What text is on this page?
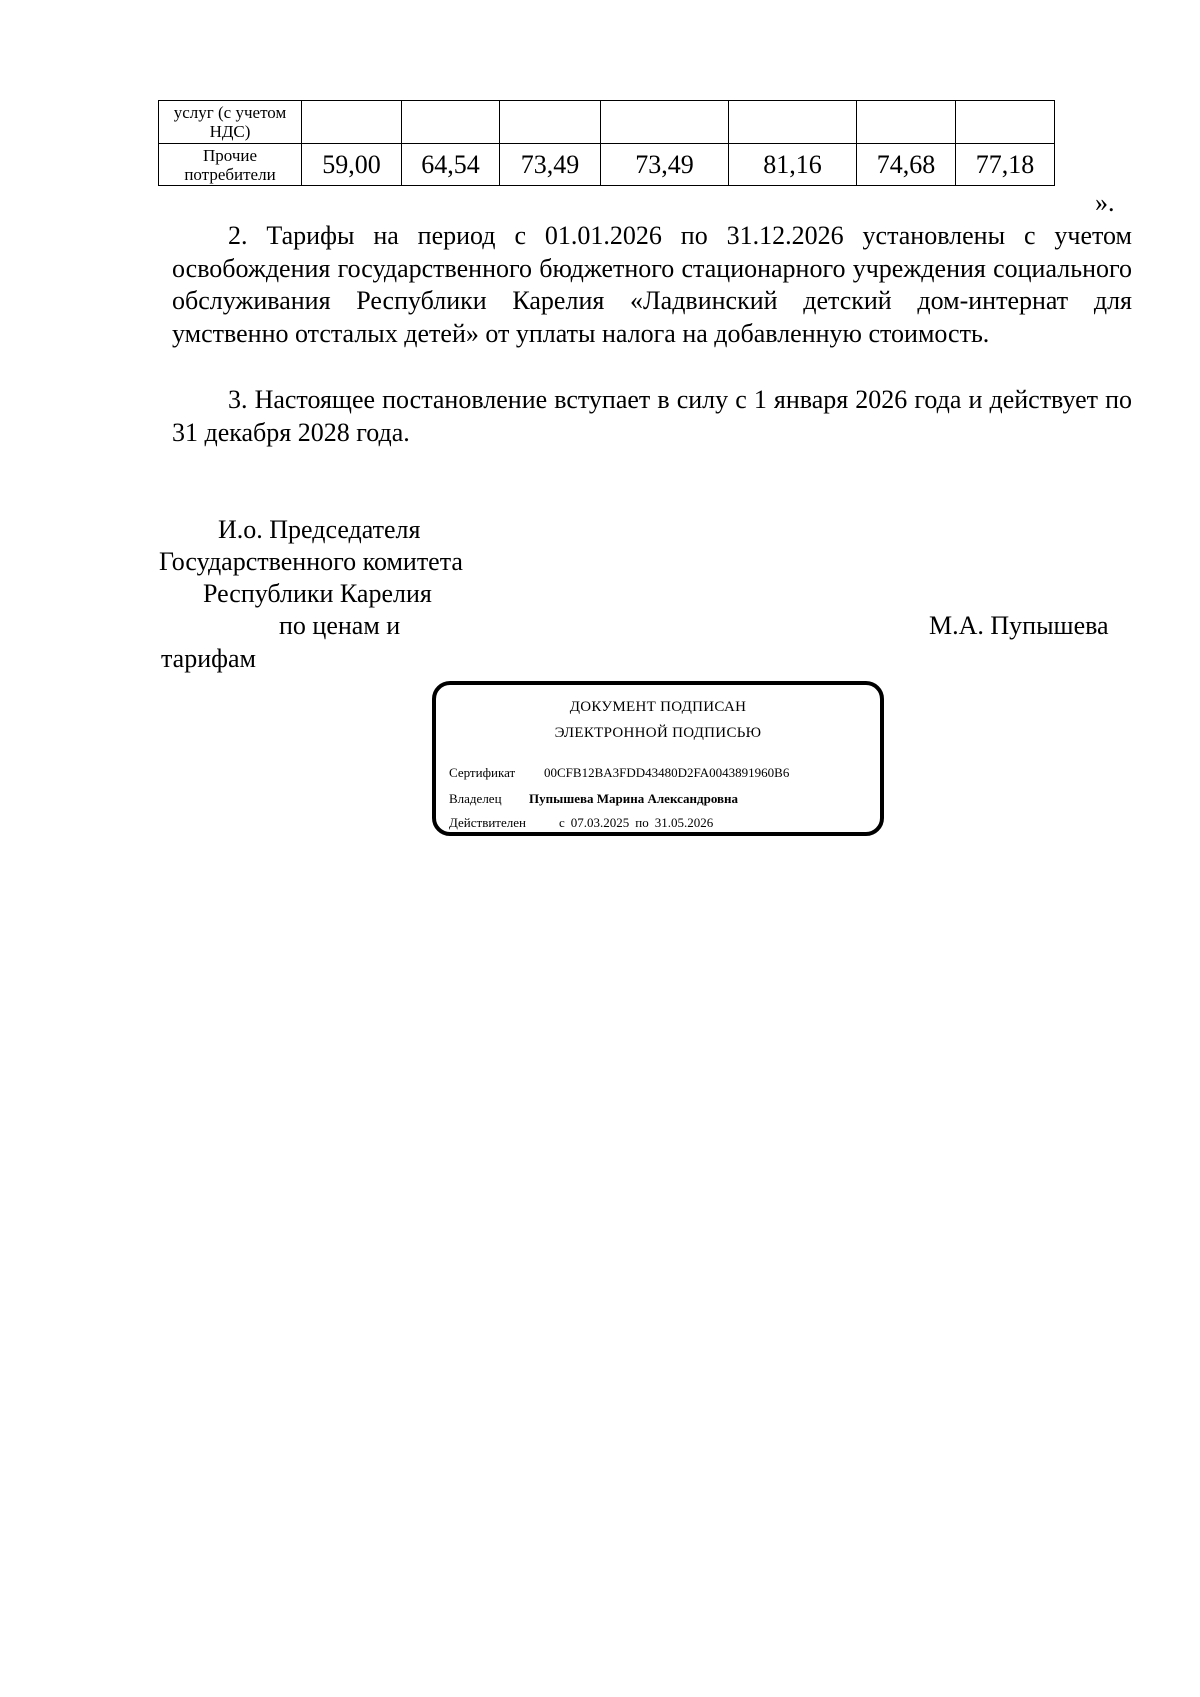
услуг (с учетом НДС)							
Прочие потребители	59,00	64,54	73,49	73,49	81,16	74,68	77,18
».

2. Тарифы на период с 01.01.2026 по 31.12.2026 установлены с учетом освобождения государственного бюджетного стационарного учреждения социального обслуживания Республики Карелия «Ладвинский детский дом-интернат для умственно отсталых детей» от уплаты налога на добавленную стоимость.

3. Настоящее постановление вступает в силу с 1 января 2026 года и действует по 31 декабря 2028 года.

И.о. Председателя
Государственного комитета
Республики Карелия
по ценам и
тарифам
М.А. Пупышева
ДОКУМЕНТ ПОДПИСАН
ЭЛЕКТРОННОЙ ПОДПИСЬЮ
Сертификат 00CFB12BA3FDD43480D2FA0043891960B6
Владелец Пупышева Марина Александровна
Действителен	с 07.03.2025 по 31.05.2026
